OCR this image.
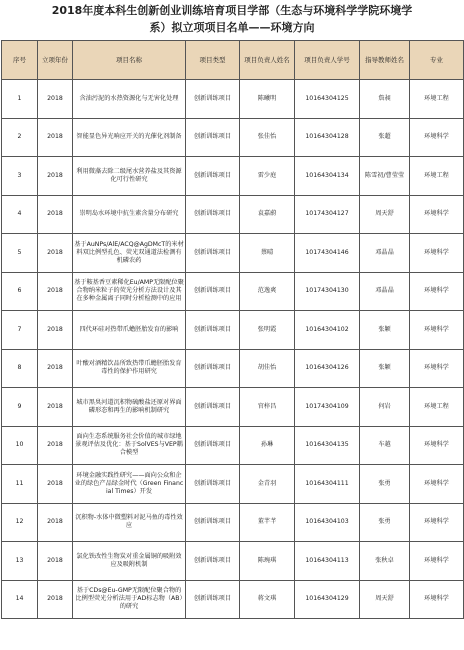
2018年度本科生创新创业训练培育项目学部（生态与环境科学学院环境学
系）拟立项项目名单——环境方向
序号	立项年份	项目名称	项目类型	项目负责人姓名	项目负责人学号	指导教师姓名	专业
1	2018	含油污泥的水热资源化与无害化处理	创新训练项目	陈曦明	10164304125	詹昶	环境工程
2	2018	智能显色异光响应开关的光催化剂制备	创新训练项目	张佳怡	10164304128	张超	环境科学
3	2018	利用微藻去除二级尾水营养盐及其资源化可行性研究	创新训练项目	雷少庭	10164304134	陈雪初/曹莹莹	环境工程
4	2018	崇明岛水环境中抗生素含量分布研究	创新训练项目	袁嘉蔚	10174304127	周天舒	环境科学
5	2018	基于AuNPs/AlE/ACQ@AgDMcT的米材料双比例型孔色、荧光双通道法检测有机磷农药	创新训练项目	蔡晴	10174304146	邓晶晶	环境科学
6	2018	基于鞍基香豆素稀化Eu/AMP无限配位聚合物纳米粒子的荧光分析方法设计及其在多种金属离子同时分析检测中的应用	创新训练项目	范逸爽	10174304130	邓晶晶	环境科学
7	2018	四代环硅对热带爪蟾胚胎发育的影响	创新训练项目	张明霞	10164304102	张颖	环境科学
8	2018	叶酸对酒精饮品所致热带爪蟾胚胎发育毒性的保护作用研究	创新训练项目	胡佳怡	10164304126	张颖	环境科学
9	2018	城市黑臭河道沉积物硫酸盐还原对界面磷形态和再生的影响机制研究	创新训练项目	官梓昌	10174304109	何岩	环境工程
10	2018	面向生态系统服务社会价值的城市绿地景观评估及优化：基于SolVES与VEP耦合模型	创新训练项目	孙琳	10164304135	车越	环境科学
11	2018	环境金融实践性研究——面向公众和企业的绿色产品绿金时代（Green Financial Times）开发	创新训练项目	金青羽	10164304111	张勇	环境科学
12	2018	沉积物-水体中微塑料对泥马鱼的毒性效应	创新训练项目	董芊芊	10164304103	张勇	环境科学
13	2018	氯化铁改性生物炭对重金属铜的吸附效应及吸附机制	创新训练项目	陈琬琪	10164304113	张秋卓	环境科学
14	2018	基于CDs@Eu-GMP无限配位聚合物的比例型荧光分析法用于AD标志物（AB）的研究	创新训练项目	蒋文琪	10164304129	周天舒	环境科学
